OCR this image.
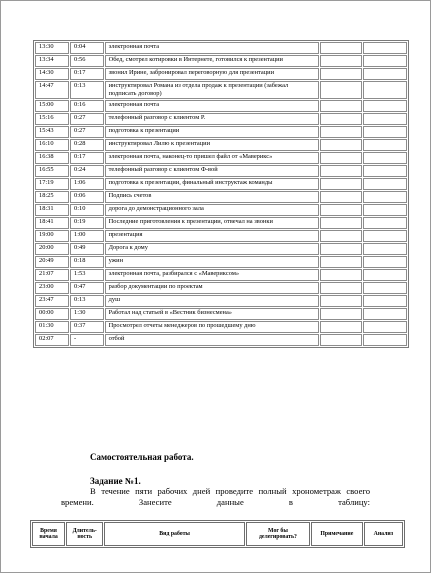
13:30	0:04	электронная почта		
13:34	0:56	Обед, смотрел котировки в Интернете, готовился к презентации		
14:30	0:17	звонил Ирине, забронировал переговорную для презентации		
14:47	0:13	инструктировал Романа из отдела продаж к презентации (забежал подписать договор)		
15:00	0:16	электронная почта		
15:16	0:27	телефонный разговор с клиентом Р.		
15:43	0:27	подготовка к презентации		
16:10	0:28	инструктировал Лилю к презентации		
16:38	0:17	электронная почта, наконец-то пришел файл от «Маверикс»		
16:55	0:24	телефонный разговор с клиентом Ф-вой		
17:19	1:06	подготовка к презентации, финальный инструктаж команды		
18:25	0:06	Подпись счетов		
18:31	0:10	дорога до демонстрационного зала		
18:41	0:19	Последние приготовления к презентации, отвечал на звонки		
19:00	1:00	презентация		
20:00	0:49	Дорога к дому		
20:49	0:18	ужин		
21:07	1:53	электронная почта, разбирался с «Маверикcом»		
23:00	0:47	разбор документации по проектам		
23:47	0:13	душ		
00:00	1:30	Работал над статьей в «Вестник бизнесмена»		
01:30	0:37	Просмотрел отчеты менеджеров по прошедшему дню		
02:07	-	отбой		
Самостоятельная работа.
Задание №1.
В течение пяти рабочих дней проведите полный хронометраж своего времени. Занесите данные в таблицу:
Время начала	Длитель-ность	Вид работы	Мог бы делегировать?	Примечание	Анализ
